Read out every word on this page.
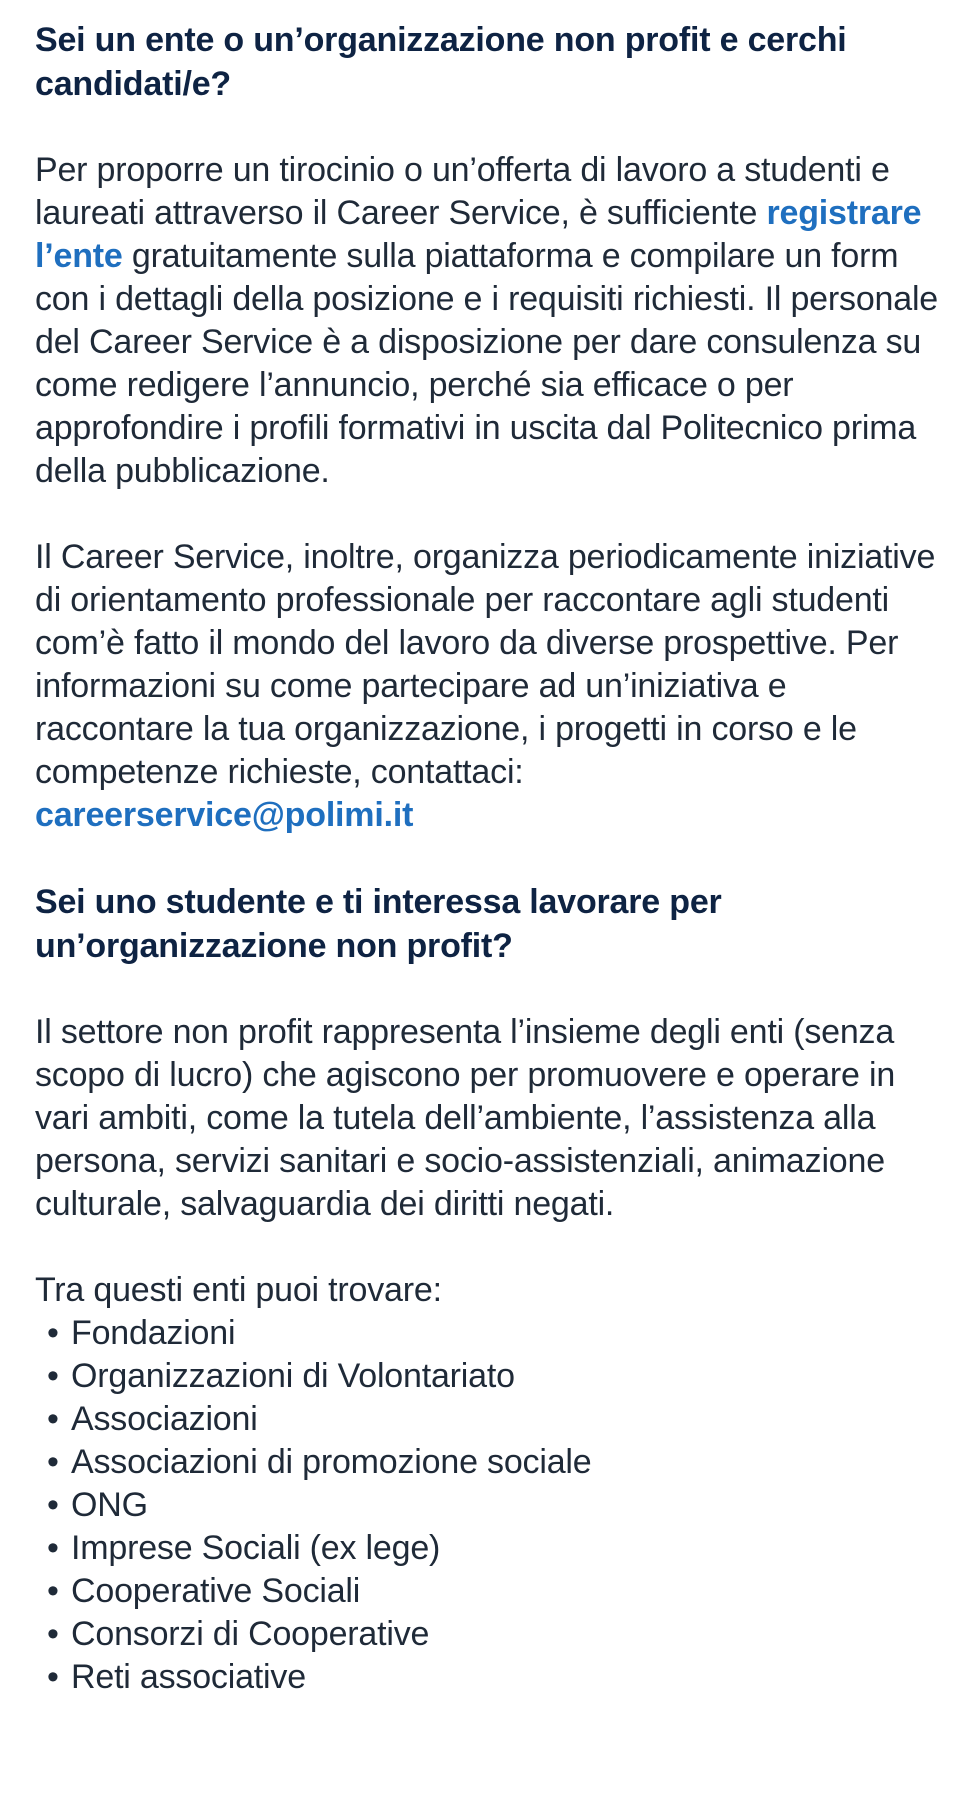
Sei un ente o un’organizzazione non profit e cerchi candidati/e?

Per proporre un tirocinio o un’offerta di lavoro a studenti e laureati attraverso il Career Service, è sufficiente registrare l’ente gratuitamente sulla piattaforma e compilare un form con i dettagli della posizione e i requisiti richiesti. Il personale del Career Service è a disposizione per dare consulenza su come redigere l’annuncio, perché sia efficace o per approfondire i profili formativi in uscita dal Politecnico prima della pubblicazione.

Il Career Service, inoltre, organizza periodicamente iniziative di orientamento professionale per raccontare agli studenti com’è fatto il mondo del lavoro da diverse prospettive. Per informazioni su come partecipare ad un’iniziativa e raccontare la tua organizzazione, i progetti in corso e le competenze richieste, contattaci:
careerservice@polimi.it

Sei uno studente e ti interessa lavorare per un’organizzazione non profit?

Il settore non profit rappresenta l’insieme degli enti (senza scopo di lucro) che agiscono per promuovere e operare in vari ambiti, come la tutela dell’ambiente, l’assistenza alla persona, servizi sanitari e socio-assistenziali, animazione culturale, salvaguardia dei diritti negati.

Tra questi enti puoi trovare:

• Fondazioni
• Organizzazioni di Volontariato
• Associazioni
• Associazioni di promozione sociale
• ONG
• Imprese Sociali (ex lege)
• Cooperative Sociali
• Consorzi di Cooperative
• Reti associative
